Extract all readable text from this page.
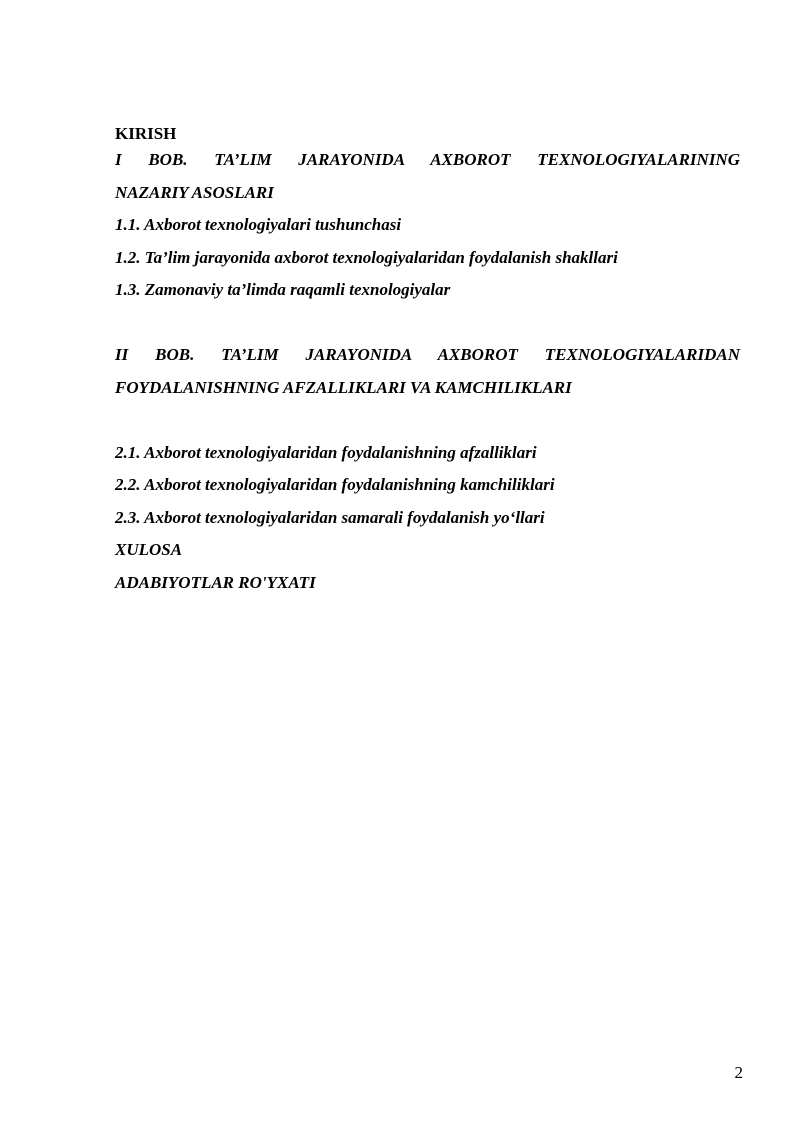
KIRISH

I BOB. TA’LIM JARAYONIDA AXBOROT TEXNOLOGIYALARINING

NAZARIY ASOSLARI

1.1. Axborot texnologiyalari tushunchasi

1.2. Ta’lim jarayonida axborot texnologiyalaridan foydalanish shakllari

1.3. Zamonaviy ta’limda raqamli texnologiyalar

II BOB. TA’LIM JARAYONIDA AXBOROT TEXNOLOGIYALARIDAN

FOYDALANISHNING AFZALLIKLARI VA KAMCHILIKLARI

2.1. Axborot texnologiyalaridan foydalanishning afzalliklari

2.2. Axborot texnologiyalaridan foydalanishning kamchiliklari

2.3. Axborot texnologiyalaridan samarali foydalanish yo‘llari

XULOSA

ADABIYOTLAR RO'YXATI

2
